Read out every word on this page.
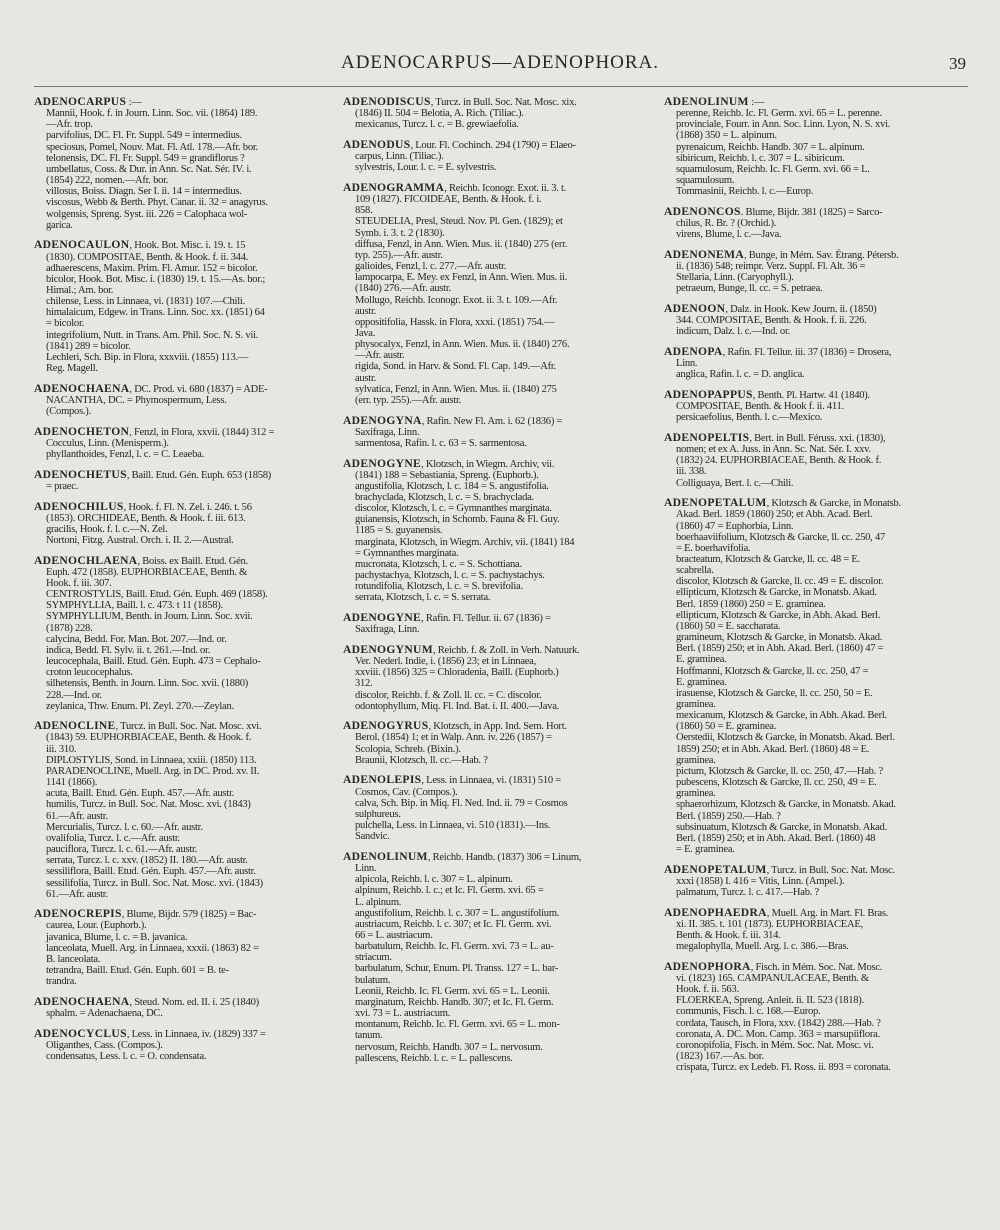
ADENOCARPUS—ADENOPHORA.	39
ADENOCARPUS :—
Mannii, Hook. f. in Journ. Linn. Soc. vii. (1864) 189.
—Afr. trop.
parvifolius, DC. Fl. Fr. Suppl. 549 = intermedius.
speciosus, Pomel, Nouv. Mat. Fl. Atl. 178.—Afr. bor.
telonensis, DC. Fl. Fr. Suppl. 549 = grandiflorus ?
umbellatus, Coss. & Dur. in Ann. Sc. Nat. Sér. IV. i.
(1854) 222, nomen.—Afr. bor.
villosus, Boiss. Diagn. Ser I. ii. 14 = intermedius.
viscosus, Webb & Berth. Phyt. Canar. ii. 32 = anagyrus.
wolgensis, Spreng. Syst. iii. 226 = Calophaca wol-
garica.
ADENOCAULON, Hook. Bot. Misc. i. 19. t. 15
(1830). COMPOSITAE, Benth. & Hook. f. ii. 344.
adhaerescens, Maxim. Prim. Fl. Amur. 152 = bicolor.
bicolor, Hook. Bot. Misc. i. (1830) 19. t. 15.—As. bor.;
Himal.; Am. bor.
chilense, Less. in Linnaea, vi. (1831) 107.—Chili.
himalaicum, Edgew. in Trans. Linn. Soc. xx. (1851) 64
= bicolor.
integrifolium, Nutt. in Trans. Am. Phil. Soc. N. S. vii.
(1841) 289 = bicolor.
Lechleri, Sch. Bip. in Flora, xxxviii. (1855) 113.—
Reg. Magell.
ADENOCHAENA, DC. Prod. vi. 680 (1837) = ADE-
NACANTHA, DC. = Phymospermum, Less.
(Compos.).
ADENOCHETON, Fenzl, in Flora, xxvii. (1844) 312 =
Cocculus, Linn. (Menisperm.).
phyllanthoides, Fenzl, l. c. = C. Leaeba.
ADENOCHETUS, Baill. Etud. Gén. Euph. 653 (1858)
= praec.
ADENOCHILUS, Hook. f. Fl. N. Zel. i. 246. t. 56
(1853). ORCHIDEAE, Benth. & Hook. f. iii. 613.
gracilis, Hook. f. l. c.—N. Zel.
Nortoni, Fitzg. Austral. Orch. i. II. 2.—Austral.
ADENOCHLAENA, Boiss. ex Baill. Etud. Gén.
Euph. 472 (1858). EUPHORBIACEAE, Benth. &
Hook. f. iii. 307.
CENTROSTYLIS, Baill. Etud. Gén. Euph. 469 (1858).
SYMPHYLLIA, Baill. l. c. 473. t 11 (1858).
SYMPHYLLIUM, Benth. in Journ. Linn. Soc. xvii.
(1878) 228.
calycina, Bedd. For. Man. Bot. 207.—Ind. or.
indica, Bedd. Fl. Sylv. ii. t. 261.—Ind. or.
leucocephala, Baill. Etud. Gén. Euph. 473 = Cephalo-
croton leucocephalus.
silhetensis, Benth. in Journ. Linn. Soc. xvii. (1880)
228.—Ind. or.
zeylanica, Thw. Enum. Pl. Zeyl. 270.—Zeylan.
ADENOCLINE, Turcz. in Bull. Soc. Nat. Mosc. xvi.
(1843) 59. EUPHORBIACEAE, Benth. & Hook. f.
iii. 310.
DIPLOSTYLIS, Sond. in Linnaea, xxiii. (1850) 113.
PARADENOCLINE, Muell. Arg. in DC. Prod. xv. II.
1141 (1866).
acuta, Baill. Etud. Gén. Euph. 457.—Afr. austr.
humilis, Turcz. in Bull. Soc. Nat. Mosc. xvi. (1843)
61.—Afr. austr.
Mercurialis, Turcz. l. c. 60.—Afr. austr.
ovalifolia, Turcz. l. c.—Afr. austr.
pauciflora, Turcz. l. c. 61.—Afr. austr.
serrata, Turcz. l. c. xxv. (1852) II. 180.—Afr. austr.
sessiliflora, Baill. Etud. Gén. Euph. 457.—Afr. austr.
sessilifolia, Turcz. in Bull. Soc. Nat. Mosc. xvi. (1843)
61.—Afr. austr.
ADENOCREPIS, Blume, Bijdr. 579 (1825) = Bac-
caurea, Lour. (Euphorb.).
javanica, Blume, l. c. = B. javanica.
lanceolata, Muell. Arg. in Linnaea, xxxii. (1863) 82 =
B. lanceolata.
tetrandra, Baill. Etud. Gén. Euph. 601 = B. te-
trandra.
ADENOCHAENA, Steud. Nom. ed. II. i. 25 (1840)
sphalm. = Adenachaena, DC.
ADENOCYCLUS, Less. in Linnaea, iv. (1829) 337 =
Oliganthes, Cass. (Compos.).
condensatus, Less. l. c. = O. condensata.
ADENODISCUS, Turcz. in Bull. Soc. Nat. Mosc. xix.
(1846) II. 504 = Belotia, A. Rich. (Tiliac.).
mexicanus, Turcz. l. c. = B. grewiaefolia.
ADENODUS, Lour. Fl. Cochinch. 294 (1790) = Elaeo-
carpus, Linn. (Tiliac.).
sylvestris, Lour. l. c. = E. sylvestris.
ADENOGRAMMA, Reichb. Iconogr. Exot. ii. 3. t.
109 (1827). FICOIDEAE, Benth. & Hook. f. i.
858.
STEUDELIA, Presl, Steud. Nov. Pl. Gen. (1829); et
Symb. i. 3. t. 2 (1830).
diffusa, Fenzl, in Ann. Wien. Mus. ii. (1840) 275 (err.
typ. 255).—Afr. austr.
galioides, Fenzl, l. c. 277.—Afr. austr.
lampocarpa, E. Mey. ex Fenzl, in Ann. Wien. Mus. ii.
(1840) 276.—Afr. austr.
Mollugo, Reichb. Iconogr. Exot. ii. 3. t. 109.—Afr.
austr.
oppositifolia, Hassk. in Flora, xxxi. (1851) 754.—
Java.
physocalyx, Fenzl, in Ann. Wien. Mus. ii. (1840) 276.
—Afr. austr.
rigida, Sond. in Harv. & Sond. Fl. Cap. 149.—Afr.
austr.
sylvatica, Fenzl, in Ann. Wien. Mus. ii. (1840) 275
(err. typ. 255).—Afr. austr.
ADENOGYNA, Rafin. New Fl. Am. i. 62 (1836) =
Saxifraga, Linn.
sarmentosa, Rafin. l. c. 63 = S. sarmentosa.
ADENOGYNE, Klotzsch, in Wiegm. Archiv, vii.
(1841) 188 = Sebastiania, Spreng. (Euphorb.).
angustifolia, Klotzsch, l. c. 184 = S. angustifolia.
brachyclada, Klotzsch, l. c. = S. brachyclada.
discolor, Klotzsch, l. c. = Gymnanthes marginata.
guianensis, Klotzsch, in Schomb. Fauna & Fl. Guy.
1185 = S. guyanensis.
marginata, Klotzsch, in Wiegm. Archiv, vii. (1841) 184
= Gymnanthes marginata.
mucronata, Klotzsch, l. c. = S. Schottiana.
pachystachya, Klotzsch, l. c. = S. pachystachys.
rotundifolia, Klotzsch, l. c. = S. brevifolia.
serrata, Klotzsch, l. c. = S. serrata.
ADENOGYNE, Rafin. Fl. Tellur. ii. 67 (1836) =
Saxifraga, Linn.
ADENOGYNUM, Reichb. f. & Zoll. in Verh. Natuurk.
Ver. Nederl. Indie, i. (1856) 23; et in Linnaea,
xxviii. (1856) 325 = Chloradenia, Baill. (Euphorb.)
312.
discolor, Reichb. f. & Zoll. ll. cc. = C. discolor.
odontophyllum, Miq. Fl. Ind. Bat. i. II. 400.—Java.
ADENOGYRUS, Klotzsch, in App. Ind. Sem. Hort.
Berol. (1854) 1; et in Walp. Ann. iv. 226 (1857) =
Scolopia, Schreb. (Bixin.).
Braunii, Klotzsch, ll. cc.—Hab. ?
ADENOLEPIS, Less. in Linnaea, vi. (1831) 510 =
Cosmos, Cav. (Compos.).
calva, Sch. Bip. in Miq. Fl. Ned. Ind. ii. 79 = Cosmos
sulphureus.
pulchella, Less. in Linnaea, vi. 510 (1831).—Ins.
Sandvic.
ADENOLINUM, Reichb. Handb. (1837) 306 = Linum,
Linn.
alpicola, Reichb. l. c. 307 = L. alpinum.
alpinum, Reichb. l. c.; et Ic. Fl. Germ. xvi. 65 =
L. alpinum.
angustifolium, Reichb. l. c. 307 = L. angustifolium.
austriacum, Reichb. l. c. 307; et Ic. Fl. Germ. xvi.
66 = L. austriacum.
barbatulum, Reichb. Ic. Fl. Germ. xvi. 73 = L. au-
striacum.
barbulatum, Schur, Enum. Pl. Transs. 127 = L. bar-
bulatum.
Leonii, Reichb. Ic. Fl. Germ. xvi. 65 = L. Leonii.
marginatum, Reichb. Handb. 307; et Ic. Fl. Germ.
xvi. 73 = L. austriacum.
montanum, Reichb. Ic. Fl. Germ. xvi. 65 = L. mon-
tanum.
nervosum, Reichb. Handb. 307 = L. nervosum.
pallescens, Reichb. l. c. = L. pallescens.
ADENOLINUM :—
perenne, Reichb. Ic. Fl. Germ. xvi. 65 = L. perenne.
provinciale, Fourr. in Ann. Soc. Linn. Lyon, N. S. xvi.
(1868) 350 = L. alpinum.
pyrenaicum, Reichb. Handb. 307 = L. alpinum.
sibiricum, Reichb. l. c. 307 = L. sibiricum.
squamulosum, Reichb. Ic. Fl. Germ. xvi. 66 = L.
squamulosum.
Tommasinii, Reichb. l. c.—Europ.
ADENONCOS. Blume, Bijdr. 381 (1825) = Sarco-
chilus, R. Br. ? (Orchid.).
virens, Blume, l. c.—Java.
ADENONEMA, Bunge, in Mém. Sav. Étrang. Pétersb.
ii. (1836) 548; reimpr. Verz. Suppl. Fl. Alt. 36 =
Stellaria, Linn. (Caryophyll.).
petraeum, Bunge, ll. cc. = S. petraea.
ADENOON, Dalz. in Hook. Kew Journ. ii. (1850)
344. COMPOSITAE, Benth. & Hook. f. ii. 226.
indicum, Dalz. l. c.—Ind. or.
ADENOPA, Rafin. Fl. Tellur. iii. 37 (1836) = Drosera,
Linn.
anglica, Rafin. l. c. = D. anglica.
ADENOPAPPUS, Benth. Pl. Hartw. 41 (1840).
COMPOSITAE, Benth. & Hook f. ii. 411.
persicaefolius, Benth. l. c.—Mexico.
ADENOPELTIS, Bert. in Bull. Féruss. xxi. (1830),
nomen; et ex A. Juss. in Ann. Sc. Nat. Sér. I. xxv.
(1832) 24. EUPHORBIACEAE, Benth. & Hook. f.
iii. 338.
Colliguaya, Bert. l. c.—Chili.
ADENOPETALUM, Klotzsch & Garcke, in Monatsb.
Akad. Berl. 1859 (1860) 250; et Abh. Acad. Berl.
(1860) 47 = Euphorbia, Linn.
boerhaaviifolium, Klotzsch & Garcke, ll. cc. 250, 47
= E. boerhavifolia.
bracteatum, Klotzsch & Garcke, ll. cc. 48 = E.
scabrella.
discolor, Klotzsch & Garcke, ll. cc. 49 = E. discolor.
ellipticum, Klotzsch & Garcke, in Monatsb. Akad.
Berl. 1859 (1860) 250 = E. graminea.
ellipticum, Klotzsch & Garcke, in Abh. Akad. Berl.
(1860) 50 = E. saccharata.
gramineum, Klotzsch & Garcke, in Monatsb. Akad.
Berl. (1859) 250; et in Abh. Akad. Berl. (1860) 47 =
E. graminea.
Hoffmanni, Klotzsch & Garcke, ll. cc. 250, 47 =
E. graminea.
irasuense, Klotzsch & Garcke, ll. cc. 250, 50 = E.
graminea.
mexicanum, Klotzsch & Garcke, in Abh. Akad. Berl.
(1860) 50 = E. graminea.
Oerstedii, Klotzsch & Garcke, in Monatsb. Akad. Berl.
1859) 250; et in Abh. Akad. Berl. (1860) 48 = E.
graminea.
pictum, Klotzsch & Garcke, ll. cc. 250, 47.—Hab. ?
pubescens, Klotzsch & Garcke, ll. cc. 250, 49 = E.
graminea.
sphaerorhizum, Klotzsch & Garcke, in Monatsb. Akad.
Berl. (1859) 250.—Hab. ?
subsinuatum, Klotzsch & Garcke, in Monatsb. Akad.
Berl. (1859) 250; et in Abh. Akad. Berl. (1860) 48
= E. graminea.
ADENOPETALUM, Turcz. in Bull. Soc. Nat. Mosc.
xxxi (1858) I. 416 = Vitis, Linn. (Ampel.).
palmatum, Turcz. l. c. 417.—Hab. ?
ADENOPHAEDRA, Muell. Arg. in Mart. Fl. Bras.
xi. II. 385. t. 101 (1873). EUPHORBIACEAE,
Benth. & Hook. f. iii. 314.
megalophylla, Muell. Arg. l. c. 386.—Bras.
ADENOPHORA, Fisch. in Mém. Soc. Nat. Mosc.
vi. (1823) 165. CAMPANULACEAE, Benth. &
Hook. f. ii. 563.
FLOERKEA, Spreng. Anleit. ii. II. 523 (1818).
communis, Fisch. l. c. 168.—Europ.
cordata, Tausch, in Flora, xxv. (1842) 288.—Hab. ?
coronata, A. DC. Mon. Camp. 363 = marsupiiflora.
coronopifolia, Fisch. in Mém. Soc. Nat. Mosc. vi.
(1823) 167.—As. bor.
crispata, Turcz. ex Ledeb. Fl. Ross. ii. 893 = coronata.
